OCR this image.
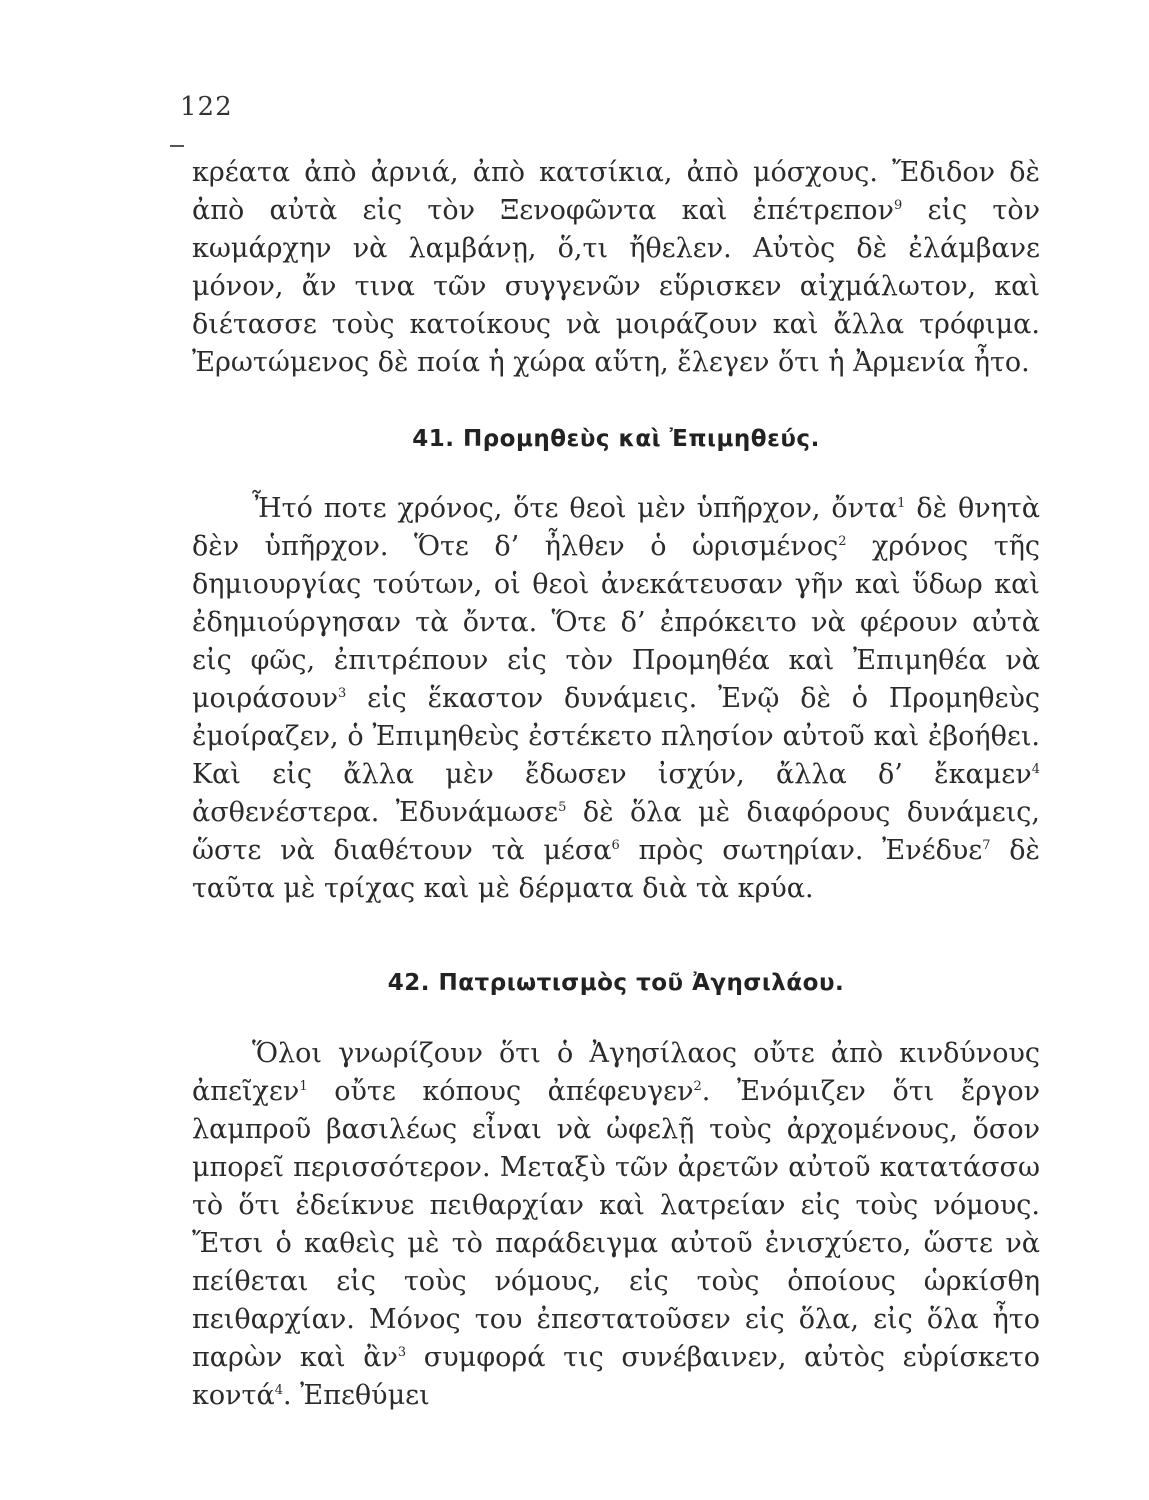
122

κρέατα ἀπὸ ἀρνιά, ἀπὸ κατσίκια, ἀπὸ μόσχους. Ἔδιδον δὲ ἀπὸ αὐτὰ εἰς τὸν Ξενοφῶντα καὶ ἐπέτρεπον$^9$ εἰς τὸν κωμάρχην νὰ λαμβάνῃ, ὅ,τι ἤθελεν. Αὐτὸς δὲ ἐλάμβανε μόνον, ἄν τινα τῶν συγγενῶν εὕρισκεν αἰχμάλωτον, καὶ διέτασσε τοὺς κατοίκους νὰ μοιράζουν καὶ ἄλλα τρόφιμα. Ἐρωτώμενος δὲ ποία ἡ χώρα αὕτη, ἔλεγεν ὅτι ἡ Ἀρμενία ἦτο.

41. Προμηθεὺς καὶ Ἐπιμηθεύς.

Ἦτό ποτε χρόνος, ὅτε θεοὶ μὲν ὑπῆρχον, ὄντα$^1$ δὲ θνητὰ δὲν ὑπῆρχον. Ὅτε δ’ ἦλθεν ὁ ὡρισμένος$^2$ χρόνος τῆς δημιουργίας τούτων, οἱ θεοὶ ἀνεκάτευσαν γῆν καὶ ὕδωρ καὶ ἐδημιούργησαν τὰ ὄντα. Ὅτε δ’ ἐπρόκειτο νὰ φέρουν αὐτὰ εἰς φῶς, ἐπιτρέπουν εἰς τὸν Προμηθέα καὶ Ἐπιμηθέα νὰ μοιράσουν$^3$ εἰς ἕκαστον δυνάμεις. Ἐνῷ δὲ ὁ Προμηθεὺς ἐμοίραζεν, ὁ Ἐπιμηθεὺς ἐστέκετο πλησίον αὐτοῦ καὶ ἐβοήθει. Καὶ εἰς ἄλλα μὲν ἔδωσεν ἰσχύν, ἄλλα δ’ ἔκαμεν$^4$ ἀσθενέστερα. Ἐδυνάμωσε$^5$ δὲ ὅλα μὲ διαφόρους δυνάμεις, ὥστε νὰ διαθέτουν τὰ μέσα$^6$ πρὸς σωτηρίαν. Ἐνέδυε$^7$ δὲ ταῦτα μὲ τρίχας καὶ μὲ δέρματα διὰ τὰ κρύα.

42. Πατριωτισμὸς τοῦ Ἀγησιλάου.

Ὅλοι γνωρίζουν ὅτι ὁ Ἀγησίλαος οὔτε ἀπὸ κινδύνους ἀπεῖχεν$^1$ οὔτε κόπους ἀπέφευγεν$^2$. Ἐνόμιζεν ὅτι ἔργον λαμπροῦ βασιλέως εἶναι νὰ ὠφελῇ τοὺς ἀρχομένους, ὅσον μπορεῖ περισσότερον. Μεταξὺ τῶν ἀρετῶν αὐτοῦ κατατάσσω τὸ ὅτι ἐδείκνυε πειθαρχίαν καὶ λατρείαν εἰς τοὺς νόμους. Ἔτσι ὁ καθεὶς μὲ τὸ παράδειγμα αὐτοῦ ἐνισχύετο, ὥστε νὰ πείθεται εἰς τοὺς νόμους, εἰς τοὺς ὁποίους ὡρκίσθη πειθαρχίαν. Μόνος του ἐπεστατοῦσεν εἰς ὅλα, εἰς ὅλα ἦτο παρὼν καὶ ἂν$^3$ συμφορά τις συνέβαινεν, αὐτὸς εὑρίσκετο κοντά$^4$. Ἐπεθύμει
